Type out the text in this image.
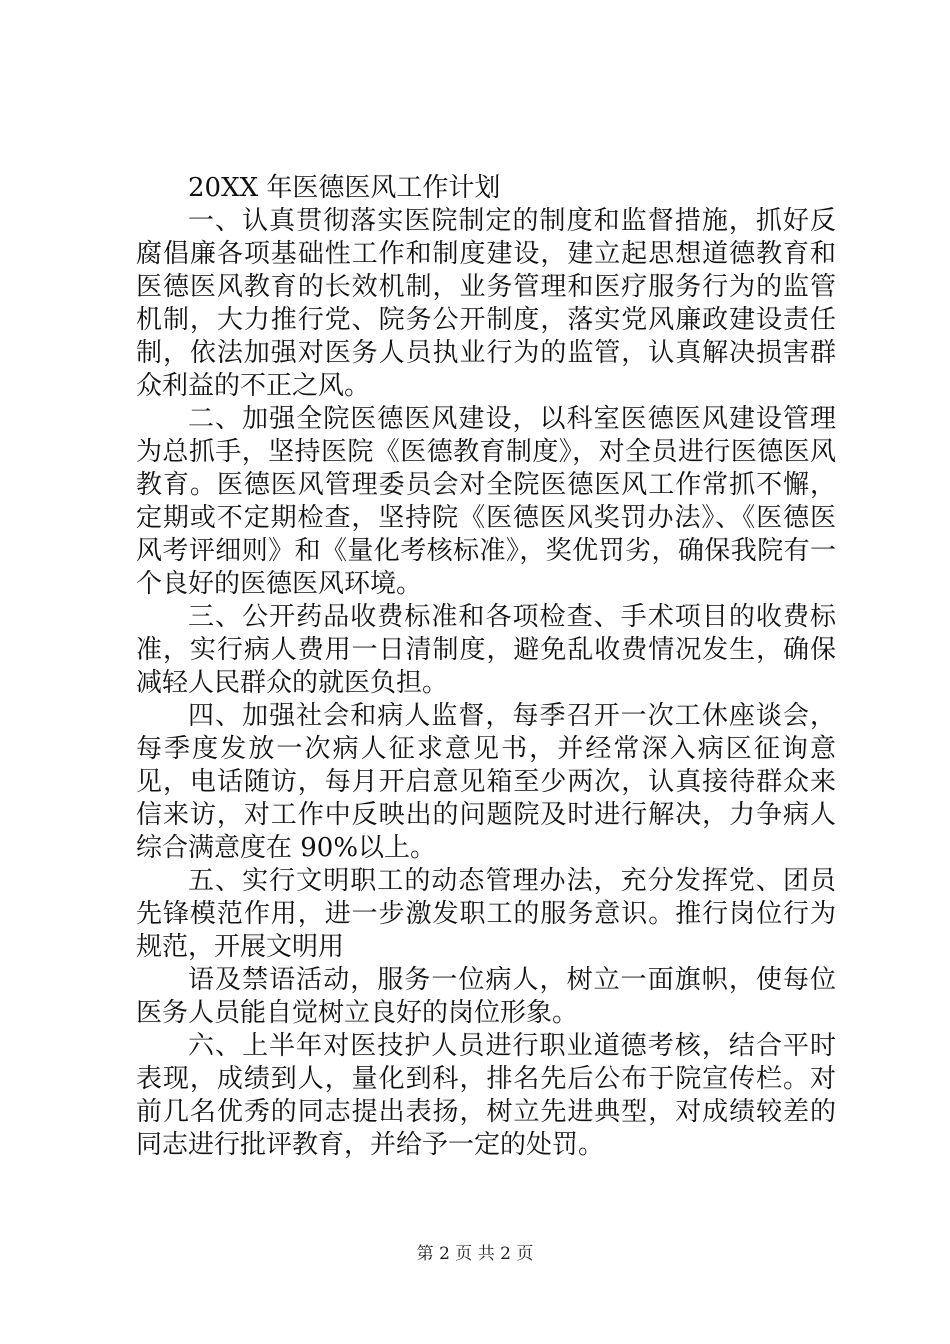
20XX 年医德医风工作计划

一、认真贯彻落实医院制定的制度和监督措施，抓好反腐倡廉各项基础性工作和制度建设，建立起思想道德教育和医德医风教育的长效机制，业务管理和医疗服务行为的监管机制，大力推行党、院务公开制度，落实党风廉政建设责任制，依法加强对医务人员执业行为的监管，认真解决损害群众利益的不正之风。

二、加强全院医德医风建设，以科室医德医风建设管理为总抓手，坚持医院《医德教育制度》，对全员进行医德医风教育。医德医风管理委员会对全院医德医风工作常抓不懈，定期或不定期检查，坚持院《医德医风奖罚办法》、《医德医风考评细则》和《量化考核标准》，奖优罚劣，确保我院有一个良好的医德医风环境。

三、公开药品收费标准和各项检查、手术项目的收费标准，实行病人费用一日清制度，避免乱收费情况发生，确保减轻人民群众的就医负担。

四、加强社会和病人监督，每季召开一次工休座谈会，每季度发放一次病人征求意见书，并经常深入病区征询意见，电话随访，每月开启意见箱至少两次，认真接待群众来信来访，对工作中反映出的问题院及时进行解决，力争病人综合满意度在 90%以上。

五、实行文明职工的动态管理办法，充分发挥党、团员先锋模范作用，进一步激发职工的服务意识。推行岗位行为规范，开展文明用

语及禁语活动，服务一位病人，树立一面旗帜，使每位医务人员能自觉树立良好的岗位形象。

六、上半年对医技护人员进行职业道德考核，结合平时表现，成绩到人，量化到科，排名先后公布于院宣传栏。对前几名优秀的同志提出表扬，树立先进典型，对成绩较差的同志进行批评教育，并给予一定的处罚。

第 2 页 共 2 页
